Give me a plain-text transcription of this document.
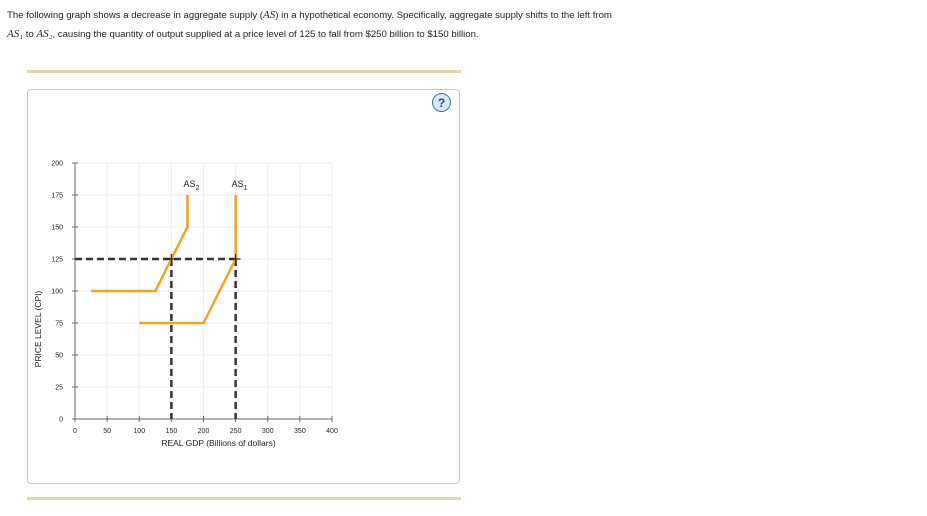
The following graph shows a decrease in aggregate supply (AS) in a hypothetical economy. Specifically, aggregate supply shifts to the left from

AS₁ to AS₂, causing the quantity of output supplied at a price level of 125 to fall from $250 billion to $150 billion.

?
0	50	100	150	200	250	300	350	400
0
25
50
75
100
125
150
175
200
REAL GDP (Billions of dollars)
PRICE LEVEL (CPI)
$AS_2$	$AS_1$
